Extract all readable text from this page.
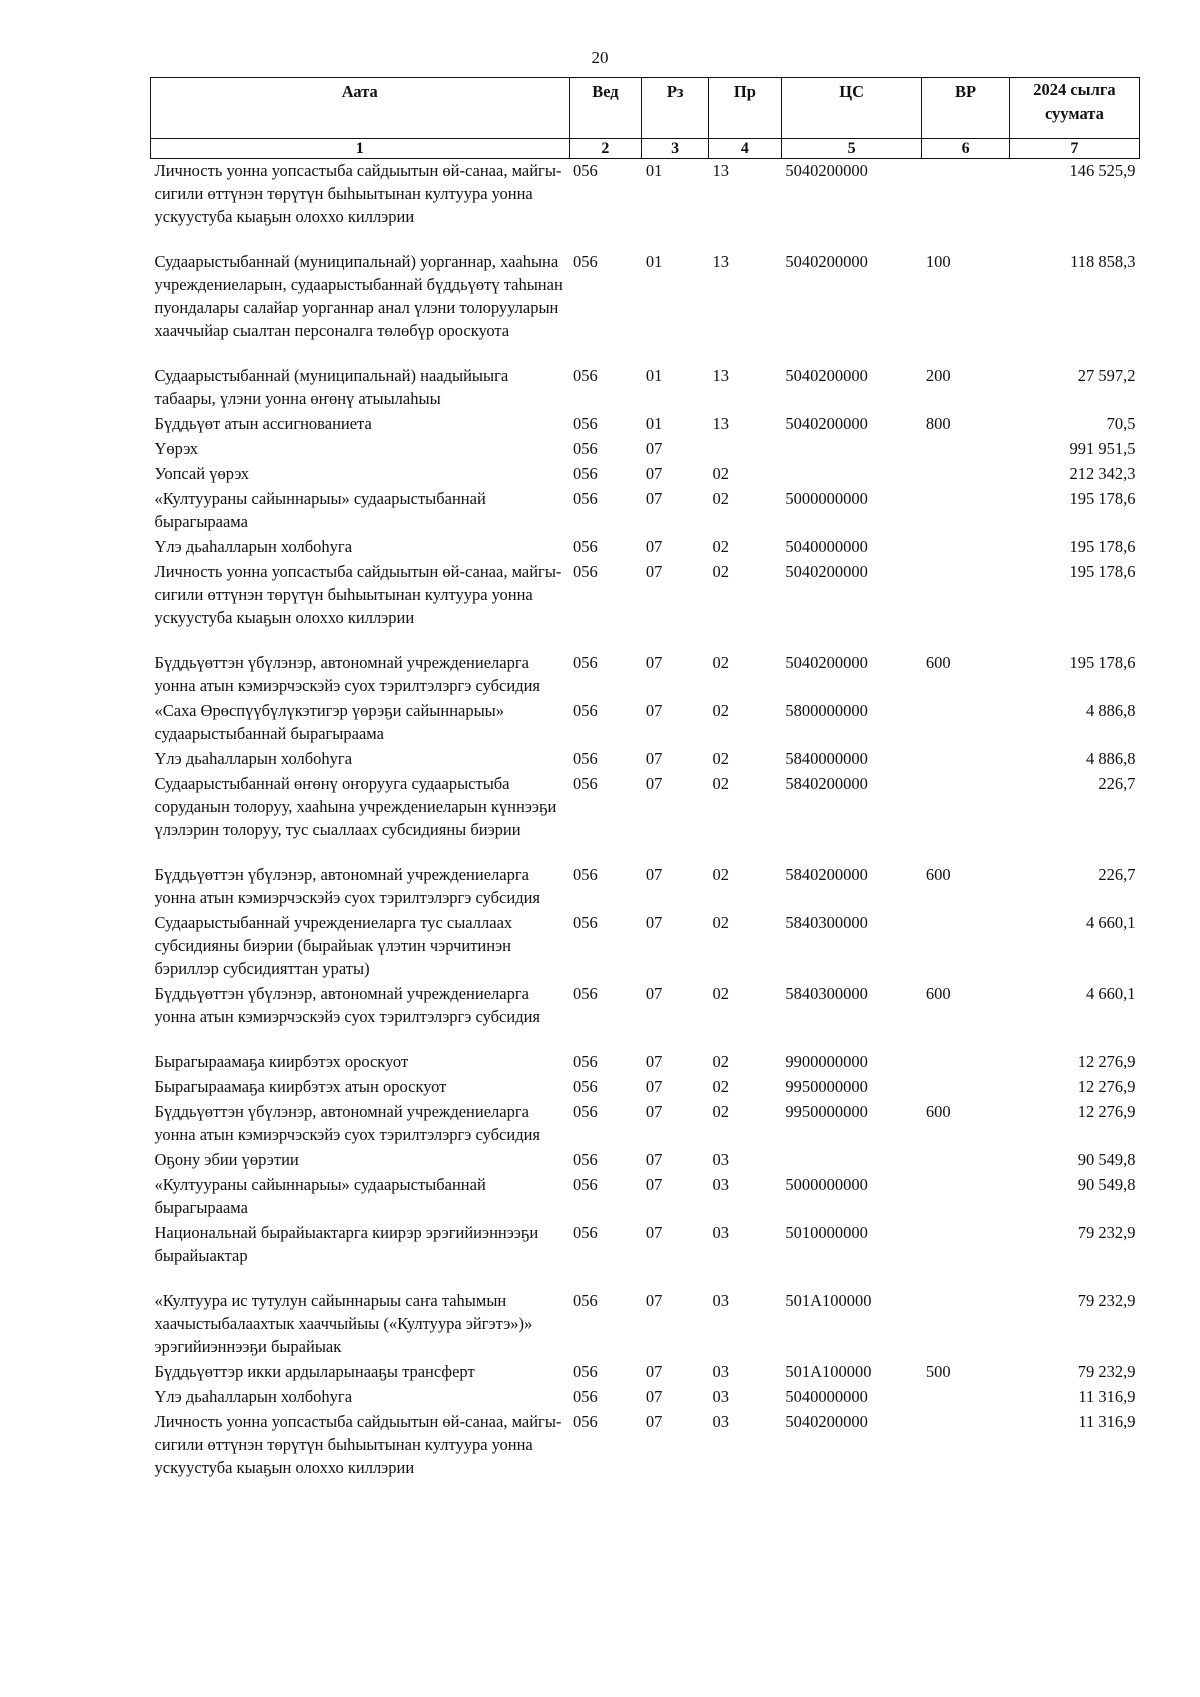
20
Аата	Вед	Рз	Пр	ЦС	ВР	2024 сылга суумата
1	2	3	4	5	6	7
Личность уонна уопсастыба сайдыытын өй-санаа, майгы-сигили өттүнэн төрүтүн быһыытынан култуура уонна ускуустуба кыаҕын олоххо киллэрии	056	01	13	5040200000		146 525,9
Судаарыстыбаннай (муниципальнай) уорганнар, хааһына учреждениеларын, судаарыстыбаннай бүддьүөтү таһынан пуондалары салайар уорганнар анал үлэни толорууларын хааччыйар сыалтан персоналга төлөбүр ороскуота	056	01	13	5040200000	100	118 858,3
Судаарыстыбаннай (муниципальнай) наадыйыыга табаары, үлэни уонна өҥөнү атыылаһыы	056	01	13	5040200000	200	27 597,2
Бүддьүөт атын ассигнованиета	056	01	13	5040200000	800	70,5
Үөрэх	056	07				991 951,5
Уопсай үөрэх	056	07	02			212 342,3
«Култуураны сайыннарыы» судаарыстыбаннай бырагыраама	056	07	02	5000000000		195 178,6
Үлэ дьаһалларын холбоһуга	056	07	02	5040000000		195 178,6
Личность уонна уопсастыба сайдыытын өй-санаа, майгы-сигили өттүнэн төрүтүн быһыытынан култуура уонна ускуустуба кыаҕын олоххо киллэрии	056	07	02	5040200000		195 178,6
Бүддьүөттэн үбүлэнэр, автономнай учреждениеларга уонна атын кэмиэрчэскэйэ суох тэрилтэлэргэ субсидия	056	07	02	5040200000	600	195 178,6
«Саха Өрөспүүбүлүкэтигэр үөрэҕи сайыннарыы» судаарыстыбаннай бырагыраама	056	07	02	5800000000		4 886,8
Үлэ дьаһалларын холбоһуга	056	07	02	5840000000		4 886,8
Судаарыстыбаннай өҥөнү оҥорууга судаарыстыба соруданын толоруу, хааһына учреждениеларын күннээҕи үлэлэрин толоруу, тус сыаллаах субсидияны биэрии	056	07	02	5840200000		226,7
Бүддьүөттэн үбүлэнэр, автономнай учреждениеларга уонна атын кэмиэрчэскэйэ суох тэрилтэлэргэ субсидия	056	07	02	5840200000	600	226,7
Судаарыстыбаннай учреждениеларга тус сыаллаах субсидияны биэрии (бырайыак үлэтин чэрчитинэн бэриллэр субсидияттан ураты)	056	07	02	5840300000		4 660,1
Бүддьүөттэн үбүлэнэр, автономнай учреждениеларга уонна атын кэмиэрчэскэйэ суох тэрилтэлэргэ субсидия	056	07	02	5840300000	600	4 660,1
Бырагыраамаҕа киирбэтэх ороскуот	056	07	02	9900000000		12 276,9
Бырагыраамаҕа киирбэтэх атын ороскуот	056	07	02	9950000000		12 276,9
Бүддьүөттэн үбүлэнэр, автономнай учреждениеларга уонна атын кэмиэрчэскэйэ суох тэрилтэлэргэ субсидия	056	07	02	9950000000	600	12 276,9
Оҕону эбии үөрэтии	056	07	03			90 549,8
«Култуураны сайыннарыы» судаарыстыбаннай бырагыраама	056	07	03	5000000000		90 549,8
Национальнай бырайыактарга киирэр эрэгийиэннээҕи бырайыактар	056	07	03	5010000000		79 232,9
«Култуура ис тутулун сайыннарыы саҥа таһымын хаачыстыбалаахтык хааччыйыы («Култуура эйгэтэ»)» эрэгийиэннээҕи бырайыак	056	07	03	501А100000		79 232,9
Бүддьүөттэр икки ардыларынааҕы трансферт	056	07	03	501А100000	500	79 232,9
Үлэ дьаһалларын холбоһуга	056	07	03	5040000000		11 316,9
Личность уонна уопсастыба сайдыытын өй-санаа, майгы-сигили өттүнэн төрүтүн быһыытынан култуура уонна ускуустуба кыаҕын олоххо киллэрии	056	07	03	5040200000		11 316,9
